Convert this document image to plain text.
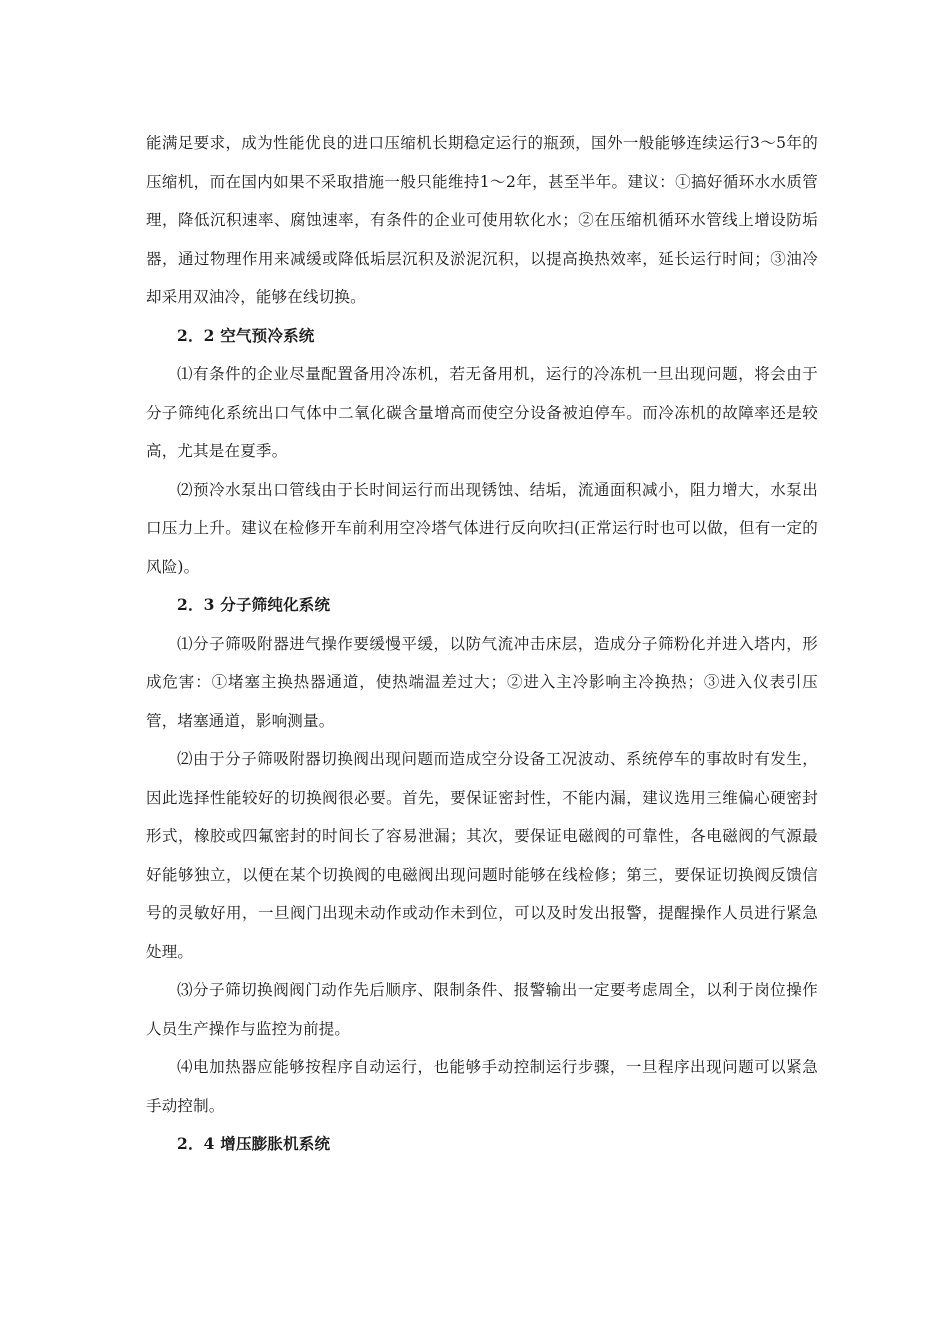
能满足要求，成为性能优良的进口压缩机长期稳定运行的瓶颈，国外一般能够连续运行3～5年的压缩机，而在国内如果不采取措施一般只能维持1～2年，甚至半年。建议：①搞好循环水水质管理，降低沉积速率、腐蚀速率，有条件的企业可使用软化水；②在压缩机循环水管线上增设防垢器，通过物理作用来减缓或降低垢层沉积及淤泥沉积，以提高换热效率，延长运行时间；③油冷却采用双油冷，能够在线切换。

2．2 空气预冷系统

⑴有条件的企业尽量配置备用冷冻机，若无备用机，运行的冷冻机一旦出现问题，将会由于分子筛纯化系统出口气体中二氧化碳含量增高而使空分设备被迫停车。而冷冻机的故障率还是较高，尤其是在夏季。

⑵预冷水泵出口管线由于长时间运行而出现锈蚀、结垢，流通面积减小，阻力增大，水泵出口压力上升。建议在检修开车前利用空冷塔气体进行反向吹扫(正常运行时也可以做，但有一定的风险)。

2．3 分子筛纯化系统

⑴分子筛吸附器进气操作要缓慢平缓，以防气流冲击床层，造成分子筛粉化并进入塔内，形成危害：①堵塞主换热器通道，使热端温差过大；②进入主冷影响主冷换热；③进入仪表引压管，堵塞通道，影响测量。

⑵由于分子筛吸附器切换阀出现问题而造成空分设备工况波动、系统停车的事故时有发生，因此选择性能较好的切换阀很必要。首先，要保证密封性，不能内漏，建议选用三维偏心硬密封形式，橡胶或四氟密封的时间长了容易泄漏；其次，要保证电磁阀的可靠性，各电磁阀的气源最好能够独立，以便在某个切换阀的电磁阀出现问题时能够在线检修；第三，要保证切换阀反馈信号的灵敏好用，一旦阀门出现未动作或动作未到位，可以及时发出报警，提醒操作人员进行紧急处理。

⑶分子筛切换阀阀门动作先后顺序、限制条件、报警输出一定要考虑周全，以利于岗位操作人员生产操作与监控为前提。

⑷电加热器应能够按程序自动运行，也能够手动控制运行步骤，一旦程序出现问题可以紧急手动控制。

2．4 增压膨胀机系统
